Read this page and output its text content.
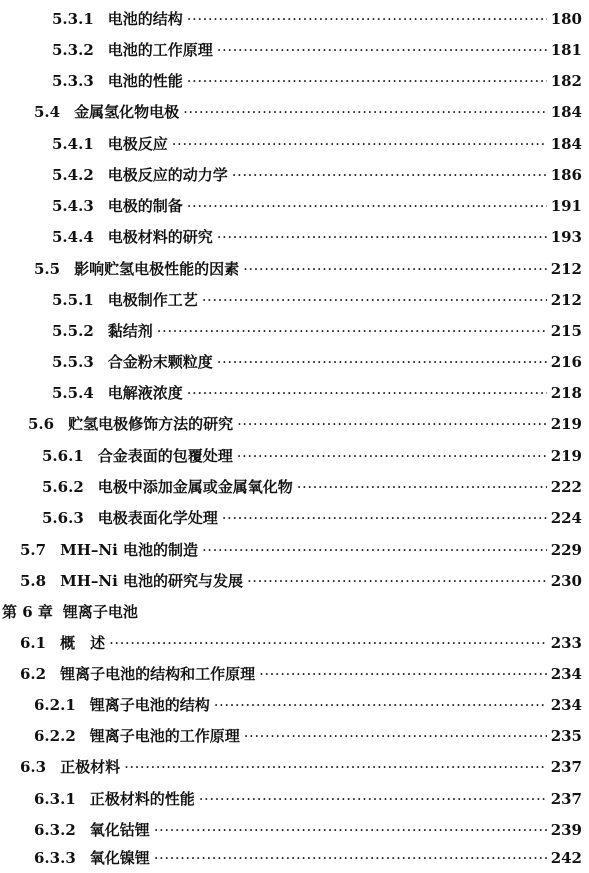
5.3.1 电池的结构 ·····	180
5.3.2 电池的工作原理 ·····	181
5.3.3 电池的性能 ·····	182
5.4 金属氢化物电极 ·····	184
5.4.1 电极反应 ·····	184
5.4.2 电极反应的动力学 ·····	186
5.4.3 电极的制备 ·····	191
5.4.4 电极材料的研究 ·····	193
5.5 影响贮氢电极性能的因素 ·····	212
5.5.1 电极制作工艺 ·····	212
5.5.2 黏结剂 ·····	215
5.5.3 合金粉末颗粒度 ·····	216
5.5.4 电解液浓度 ·····	218
5.6 贮氢电极修饰方法的研究 ·····	219
5.6.1 合金表面的包覆处理 ·····	219
5.6.2 电极中添加金属或金属氧化物 ·····	222
5.6.3 电极表面化学处理 ·····	224
5.7 MH–Ni 电池的制造 ·····	229
5.8 MH–Ni 电池的研究与发展 ·····	230
第 6 章 锂离子电池
6.1 概　述 ·····	233
6.2 锂离子电池的结构和工作原理 ·····	234
6.2.1 锂离子电池的结构 ·····	234
6.2.2 锂离子电池的工作原理 ·····	235
6.3 正极材料 ·····	237
6.3.1 正极材料的性能 ·····	237
6.3.2 氧化钴锂 ·····	239
6.3.3 氧化镍锂 ·····	242
